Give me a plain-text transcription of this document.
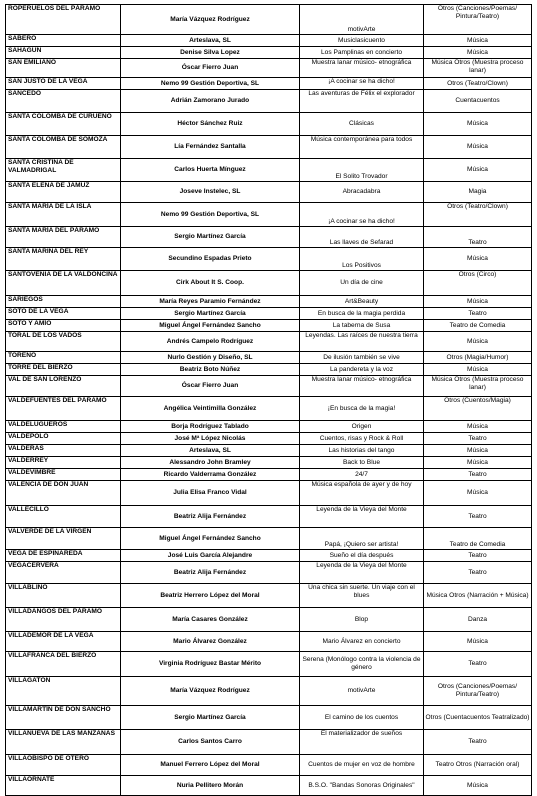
ROPERUELOS DEL PÁRAMO	María Vázquez Rodríguez	motivArte	Otros (Canciones/Poemas/ Pintura/Teatro)
SABERO	Arteslava, SL	Musiclasicuento	Música
SAHAGÚN	Denise Silva Lopez	Los Pamplinas en concierto	Música
SAN EMILIANO	Óscar Fierro Juan	Muestra lanar músico- etnográfica	Música Otros (Muestra proceso lanar)
SAN JUSTO DE LA VEGA	Nemo 99 Gestión Deportiva, SL	¡A cocinar se ha dicho!	Otros (Teatro/Clown)
SANCEDO	Adrián Zamorano Jurado	Las aventuras de Félix el explorador	Cuentacuentos
SANTA COLOMBA DE CURUEÑO	Héctor Sánchez Ruiz	Clásicas	Música
SANTA COLOMBA DE SOMOZA	Lía Fernández Santalla	Música contemporánea para todos	Música
SANTA CRISTINA DE VALMADRIGAL	Carlos Huerta Mínguez	El Solito Trovador	Música
SANTA ELENA DE JAMUZ	Joseve Instelec, SL	Abracadabra	Magia
SANTA MARÍA DE LA ISLA	Nemo 99 Gestión Deportiva, SL	¡A cocinar se ha dicho!	Otros (Teatro/Clown)
SANTA MARÍA DEL PÁRAMO	Sergio Martínez García	Las llaves de Sefarad	Teatro
SANTA MARINA DEL REY	Secundino Espadas Prieto	Los Positivos	Música
SANTOVENIA DE LA VALDONCINA	Cirk About It S. Coop.	Un día de cine	Otros (Circo)
SARIEGOS	María Reyes Paramio Fernández	Art&Beauty	Música
SOTO DE LA VEGA	Sergio Martínez García	En busca de la magia perdida	Teatro
SOTO Y AMÍO	Miguel Ángel Fernández Sancho	La taberna de Susa	Teatro de Comedia
TORAL DE LOS VADOS	Andrés Campelo Rodríguez	Leyendas. Las raíces de nuestra tierra	Música
TORENO	Nurlo Gestión y Diseño, SL	De ilusión también se vive	Otros (Magia/Humor)
TORRE DEL BIERZO	Beatriz Boto Núñez	La pandereta y la voz	Música
VAL DE SAN LORENZO	Óscar Fierro Juan	Muestra lanar músico- etnográfica	Música Otros (Muestra proceso lanar)
VALDEFUENTES DEL PÁRAMO	Angélica Veintimilla González	¡En busca de la magia!	Otros (Cuentos/Magia)
VALDELUGUEROS	Borja Rodríguez Tablado	Origen	Música
VALDEPOLO	José Mª López Nicolás	Cuentos, risas y Rock & Roll	Teatro
VALDERAS	Arteslava, SL	Las historias del tango	Música
VALDERREY	Alessandro John Bramley	Back to Blue	Música
VALDEVIMBRE	Ricardo Valderrama González	24/7	Teatro
VALENCIA DE DON JUAN	Julia Elisa Franco Vidal	Música española de ayer y de hoy	Música
VALLECILLO	Beatriz Alija Fernández	Leyenda de la Vieya del Monte	Teatro
VALVERDE DE LA VIRGEN	Miguel Ángel Fernández Sancho	Papá, ¡Quiero ser artista!	Teatro de Comedia
VEGA DE ESPINAREDA	José Luis García Alejandre	Sueño el día después	Teatro
VEGACERVERA	Beatriz Alija Fernández	Leyenda de la Vieya del Monte	Teatro
VILLABLINO	Beatriz Herrero López del Moral	Una chica sin suerte. Un viaje con el blues	Música Otros (Narración + Música)
VILLADANGOS DEL PÁRAMO	María Casares González	Blop	Danza
VILLADEMOR DE LA VEGA	Mario Álvarez González	Mario Álvarez en concierto	Música
VILLAFRANCA DEL BIERZO	Virginia Rodríguez Bastar Mérito	Serena (Monólogo contra la violencia de género	Teatro
VILLAGATÓN	María Vázquez Rodríguez	motivArte	Otros (Canciones/Poemas/ Pintura/Teatro)
VILLAMARTÍN DE DON SANCHO	Sergio Martínez García	El camino de los cuentos	Otros (Cuentacuentos Teatralizado)
VILLANUEVA DE LAS MANZANAS	Carlos Santos Carro	El materializador de sueños	Teatro
VILLAOBISPO DE OTERO	Manuel Ferrero López del Moral	Cuentos de mujer en voz de hombre	Teatro Otros (Narración oral)
VILLAORNATE	Nuria Pellitero Morán	B.S.O. "Bandas Sonoras Originales"	Música
